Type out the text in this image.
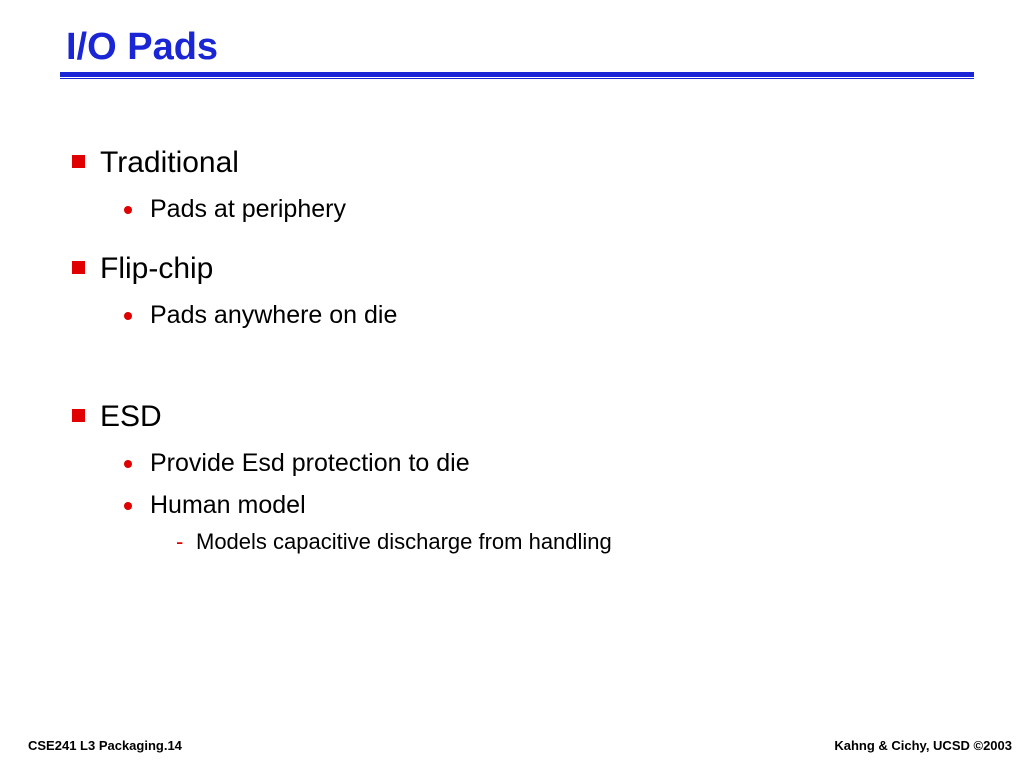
I/O Pads
Traditional
Pads at periphery
Flip-chip
Pads anywhere on die
ESD
Provide Esd protection to die
Human model
- Models capacitive discharge from handling
CSE241 L3 Packaging.14	Kahng & Cichy, UCSD ©2003
